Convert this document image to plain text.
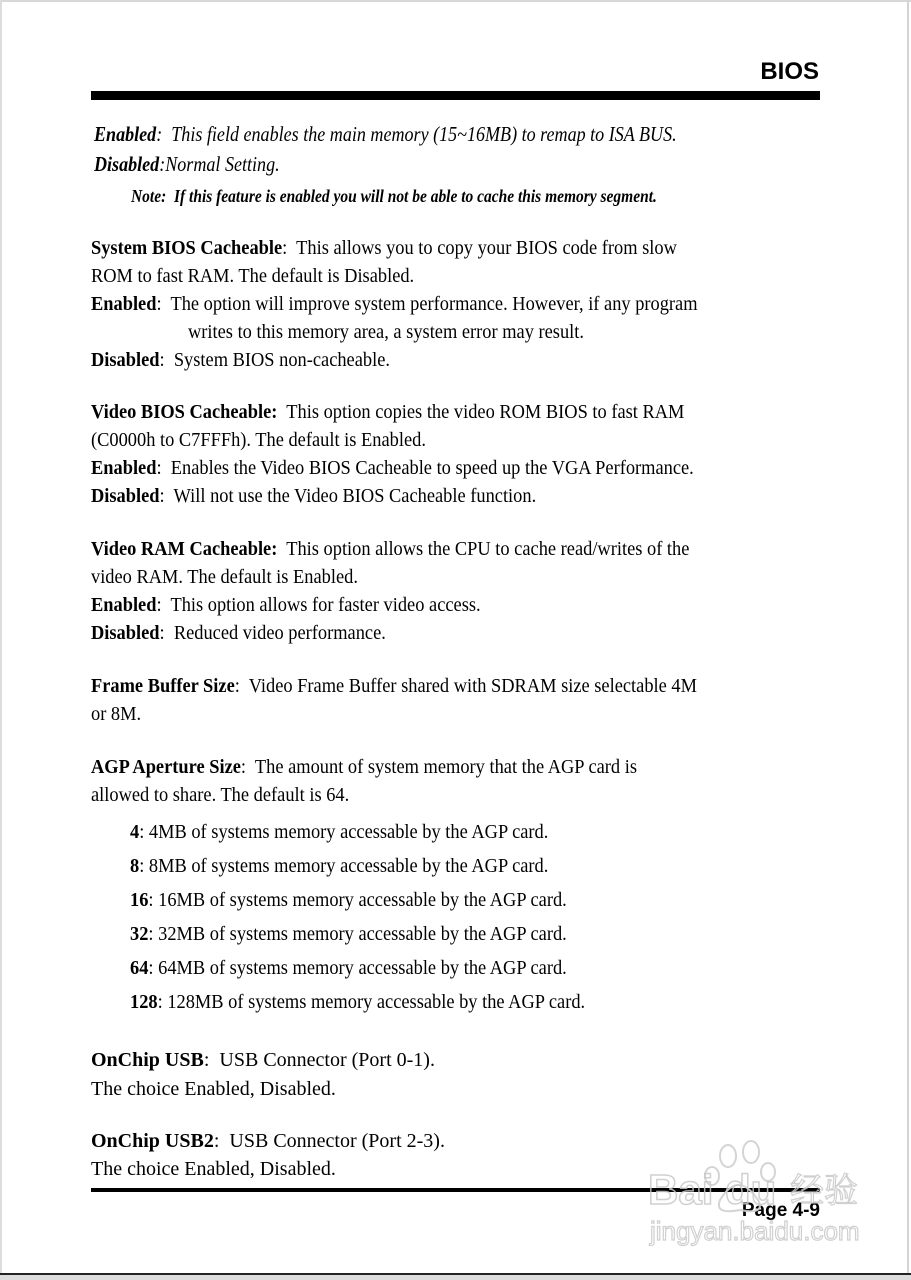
BIOS
Enabled:  This field enables the main memory (15~16MB) to remap to ISA BUS.
Disabled:Normal Setting.
Note: If this feature is enabled you will not be able to cache this memory segment.
System BIOS Cacheable:  This allows you to copy your BIOS code from slow
ROM to fast RAM. The default is Disabled.
Enabled:  The option will improve system performance. However, if any program
writes to this memory area, a system error may result.
Disabled:  System BIOS non-cacheable.
Video BIOS Cacheable: This option copies the video ROM BIOS to fast RAM
(C0000h to C7FFFh). The default is Enabled.
Enabled:  Enables the Video BIOS Cacheable to speed up the VGA Performance.
Disabled:  Will not use the Video BIOS Cacheable function.
Video RAM Cacheable: This option allows the CPU to cache read/writes of the
video RAM. The default is Enabled.
Enabled:  This option allows for faster video access.
Disabled:  Reduced video performance.
Frame Buffer Size:  Video Frame Buffer shared with SDRAM size selectable 4M
or 8M.
AGP Aperture Size:  The amount of system memory that the AGP card is
allowed to share. The default is 64.
4: 4MB of systems memory accessable by the AGP card.
8: 8MB of systems memory accessable by the AGP card.
16: 16MB of systems memory accessable by the AGP card.
32: 32MB of systems memory accessable by the AGP card.
64: 64MB of systems memory accessable by the AGP card.
128: 128MB of systems memory accessable by the AGP card.
OnChip USB:  USB Connector (Port 0-1).
The choice Enabled, Disabled.
OnChip USB2:  USB Connector (Port 2-3).
The choice Enabled, Disabled.
Page 4-9
Bai du 经验
jingyan.baidu.com
